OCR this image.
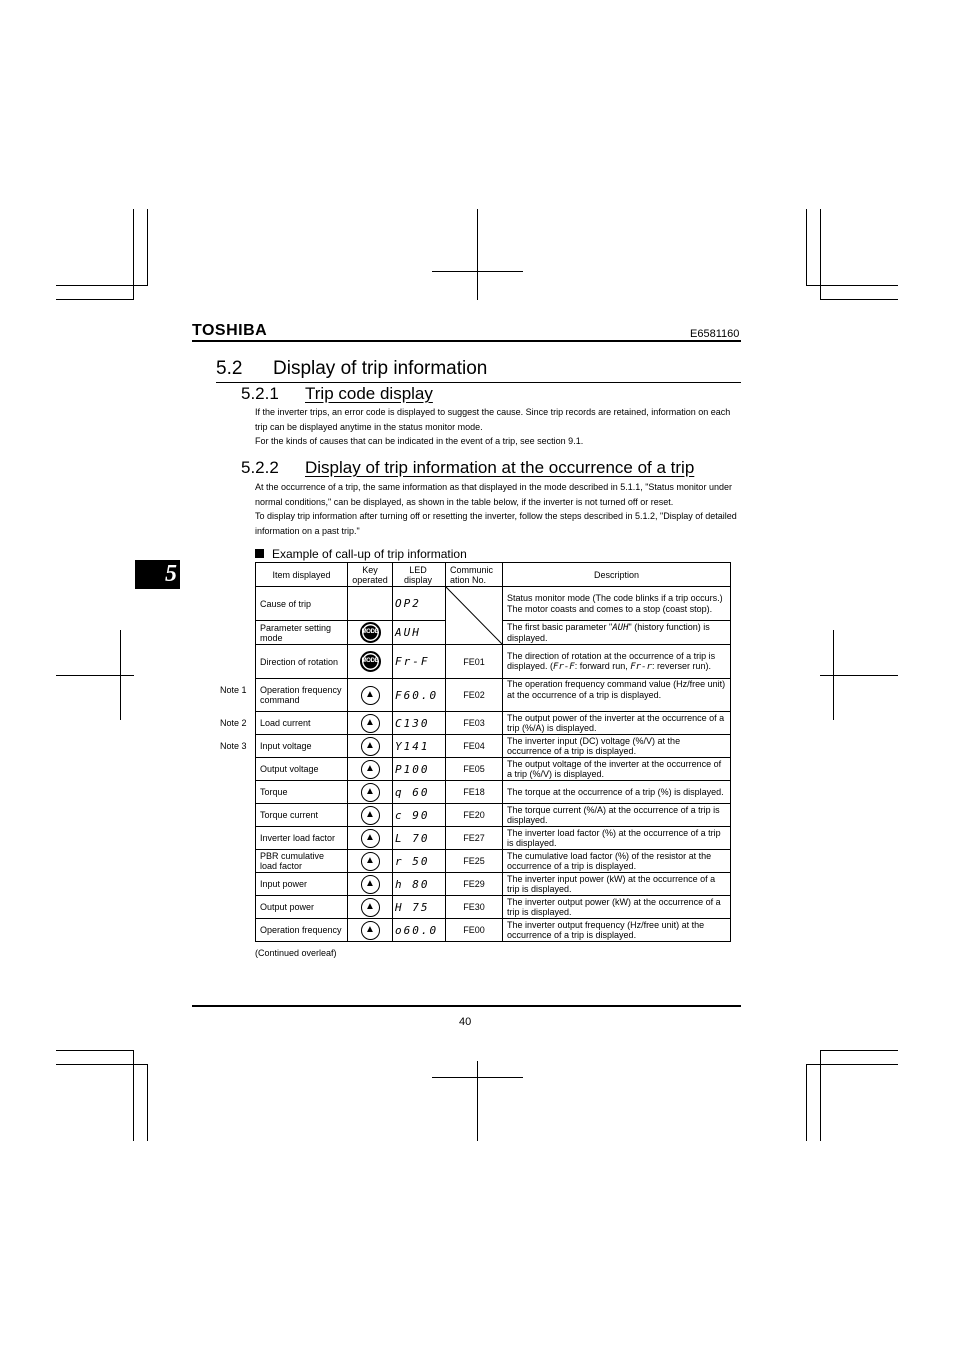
TOSHIBA	E6581160
5
5.2 Display of trip information
5.2.1 Trip code display

If the inverter trips, an error code is displayed to suggest the cause. Since trip records are retained, information on each trip can be displayed anytime in the status monitor mode.

For the kinds of causes that can be indicated in the event of a trip, see section 9.1.

5.2.2 Display of trip information at the occurrence of a trip

At the occurrence of a trip, the same information as that displayed in the mode described in 5.1.1, "Status monitor under normal conditions," can be displayed, as shown in the table below, if the inverter is not turned off or reset.

To display trip information after turning off or resetting the inverter, follow the steps described in 5.1.2, "Display of detailed information on a past trip."

Example of call-up of trip information
Note 1
Note 2
Note 3
Item displayed	Key operated	LED display	Communic ation No.	Description
Cause of trip		OP2		Status monitor mode (The code blinks if a trip occurs.) The motor coasts and comes to a stop (coast stop).
Parameter setting mode	MODE	AUH		The first basic parameter "AUH" (history function) is displayed.
Direction of rotation	MODE	Fr-F	FE01	The direction of rotation at the occurrence of a trip is displayed. (Fr-F: forward run, Fr-r: reverser run).
Operation frequency command	▲	F60.0	FE02	The operation frequency command value (Hz/free unit) at the occurrence of a trip is displayed.
Load current	▲	C130	FE03	The output power of the inverter at the occurrence of a trip (%/A) is displayed.
Input voltage	▲	Y141	FE04	The inverter input (DC) voltage (%/V) at the occurrence of a trip is displayed.
Output voltage	▲	P100	FE05	The output voltage of the inverter at the occurrence of a trip (%/V) is displayed.
Torque	▲	q 60	FE18	The torque at the occurrence of a trip (%) is displayed.
Torque current	▲	c 90	FE20	The torque current (%/A) at the occurrence of a trip is displayed.
Inverter load factor	▲	L 70	FE27	The inverter load factor (%) at the occurrence of a trip is displayed.
PBR cumulative load factor	▲	r 50	FE25	The cumulative load factor (%) of the resistor at the occurrence of a trip is displayed.
Input power	▲	h 80	FE29	The inverter input power (kW) at the occurrence of a trip is displayed.
Output power	▲	H 75	FE30	The inverter output power (kW) at the occurrence of a trip is displayed.
Operation frequency	▲	o60.0	FE00	The inverter output frequency (Hz/free unit) at the occurrence of a trip is displayed.
(Continued overleaf)
40
